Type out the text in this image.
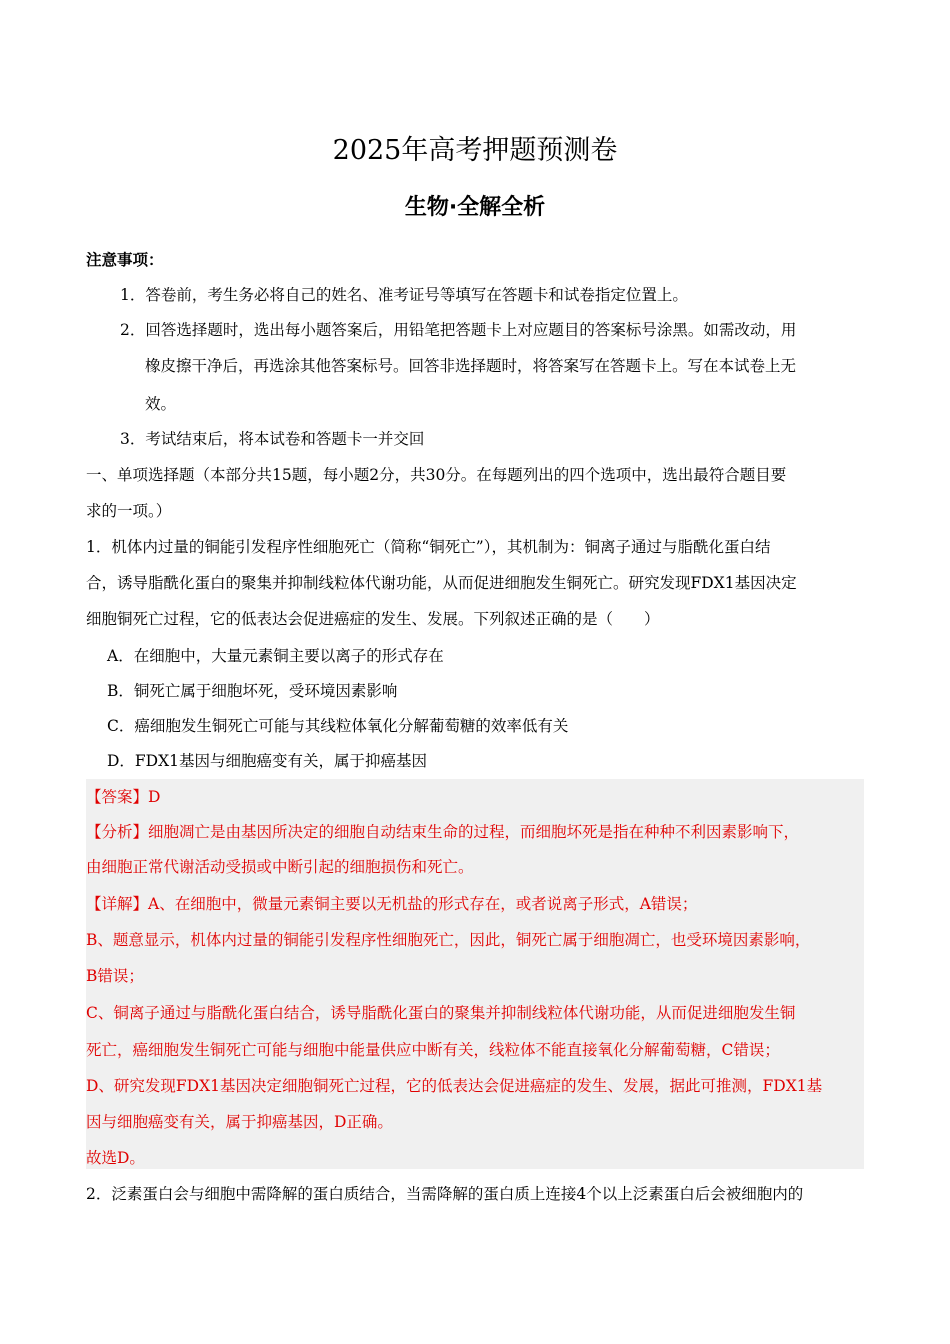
2025年高考押题预测卷
生物·全解全析
注意事项：
1．答卷前，考生务必将自己的姓名、准考证号等填写在答题卡和试卷指定位置上。
2．回答选择题时，选出每小题答案后，用铅笔把答题卡上对应题目的答案标号涂黑。如需改动，用
橡皮擦干净后，再选涂其他答案标号。回答非选择题时，将答案写在答题卡上。写在本试卷上无
效。
3．考试结束后，将本试卷和答题卡一并交回
一、单项选择题（本部分共15题，每小题2分，共30分。在每题列出的四个选项中，选出最符合题目要
求的一项。）
1．机体内过量的铜能引发程序性细胞死亡（简称“铜死亡”），其机制为：铜离子通过与脂酰化蛋白结
合，诱导脂酰化蛋白的聚集并抑制线粒体代谢功能，从而促进细胞发生铜死亡。研究发现FDX1基因决定
细胞铜死亡过程，它的低表达会促进癌症的发生、发展。下列叙述正确的是（　　）
A．在细胞中，大量元素铜主要以离子的形式存在
B．铜死亡属于细胞坏死，受环境因素影响
C．癌细胞发生铜死亡可能与其线粒体氧化分解葡萄糖的效率低有关
D．FDX1基因与细胞癌变有关，属于抑癌基因
【答案】D
【分析】细胞凋亡是由基因所决定的细胞自动结束生命的过程，而细胞坏死是指在种种不利因素影响下，
由细胞正常代谢活动受损或中断引起的细胞损伤和死亡。
【详解】A、在细胞中，微量元素铜主要以无机盐的形式存在，或者说离子形式，A错误；
B、题意显示，机体内过量的铜能引发程序性细胞死亡，因此，铜死亡属于细胞凋亡，也受环境因素影响，
B错误；
C、铜离子通过与脂酰化蛋白结合，诱导脂酰化蛋白的聚集并抑制线粒体代谢功能，从而促进细胞发生铜
死亡，癌细胞发生铜死亡可能与细胞中能量供应中断有关，线粒体不能直接氧化分解葡萄糖，C错误；
D、研究发现FDX1基因决定细胞铜死亡过程，它的低表达会促进癌症的发生、发展，据此可推测，FDX1基
因与细胞癌变有关，属于抑癌基因，D正确。
故选D。
2．泛素蛋白会与细胞中需降解的蛋白质结合，当需降解的蛋白质上连接4个以上泛素蛋白后会被细胞内的
